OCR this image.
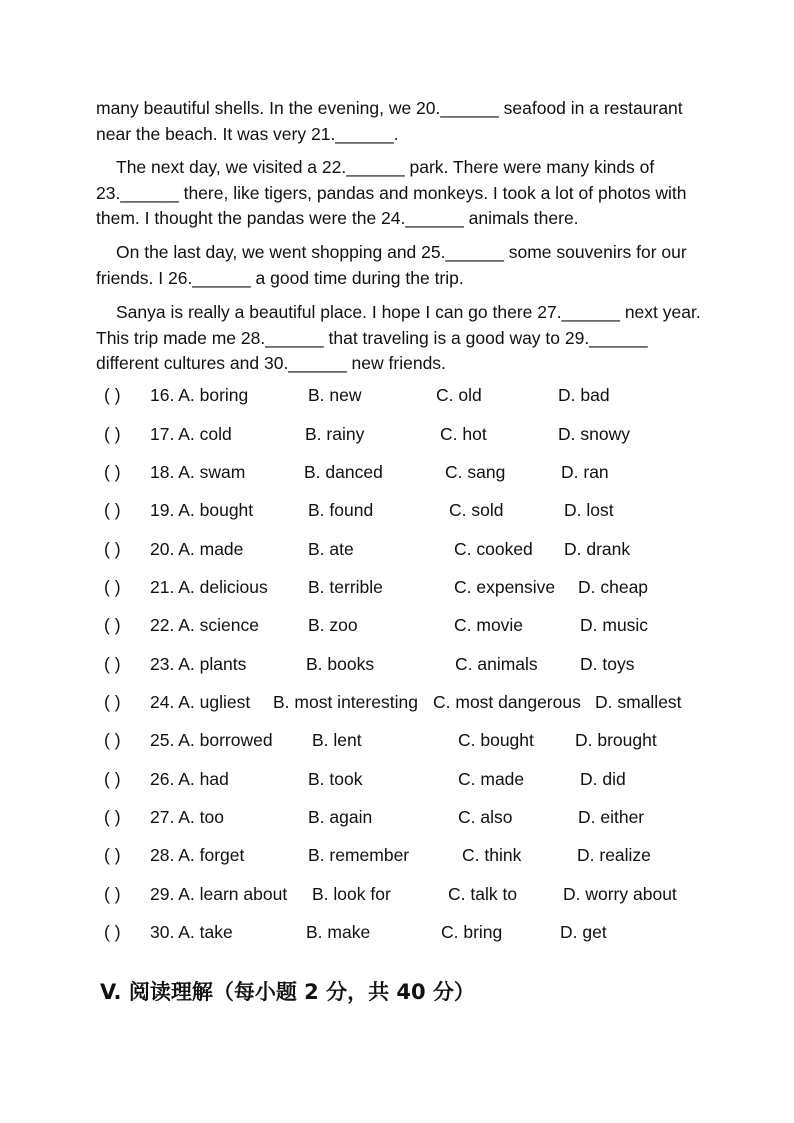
many beautiful shells. In the evening, we 20.______ seafood in a restaurant near the beach. It was very 21.______.

The next day, we visited a 22.______ park. There were many kinds of 23.______ there, like tigers, pandas and monkeys. I took a lot of photos with them. I thought the pandas were the 24.______ animals there.

On the last day, we went shopping and 25.______ some souvenirs for our friends. I 26.______ a good time during the trip.

Sanya is really a beautiful place. I hope I can go there 27.______ next year. This trip made me 28.______ that traveling is a good way to 29.______ different cultures and 30.______ new friends.

( ) 16. A. boring	B. new	C. old	D. bad
( ) 17. A. cold	B. rainy	C. hot	D. snowy
( ) 18. A. swam	B. danced	C. sang	D. ran
( ) 19. A. bought	B. found	C. sold	D. lost
( ) 20. A. made	B. ate	C. cooked D. drank
( ) 21. A. delicious B. terrible	C. expensive D. cheap
( ) 22. A. science	B. zoo	C. movie	D. music
( ) 23. A. plants	B. books	C. animals D. toys
( ) 24. A. ugliest B. most interesting C. most dangerous D. smallest
( ) 25. A. borrowed B. lent	C. bought D. brought
( ) 26. A. had	B. took	C. made	D. did
( ) 27. A. too	B. again	C. also	D. either
( ) 28. A. forget	B. remember	C. think	D. realize
( ) 29. A. learn about B. look for	C. talk to	D. worry about
( ) 30. A. take	B. make	C. bring	D. get
V. 阅读理解（每小题 2 分，共 40 分）
